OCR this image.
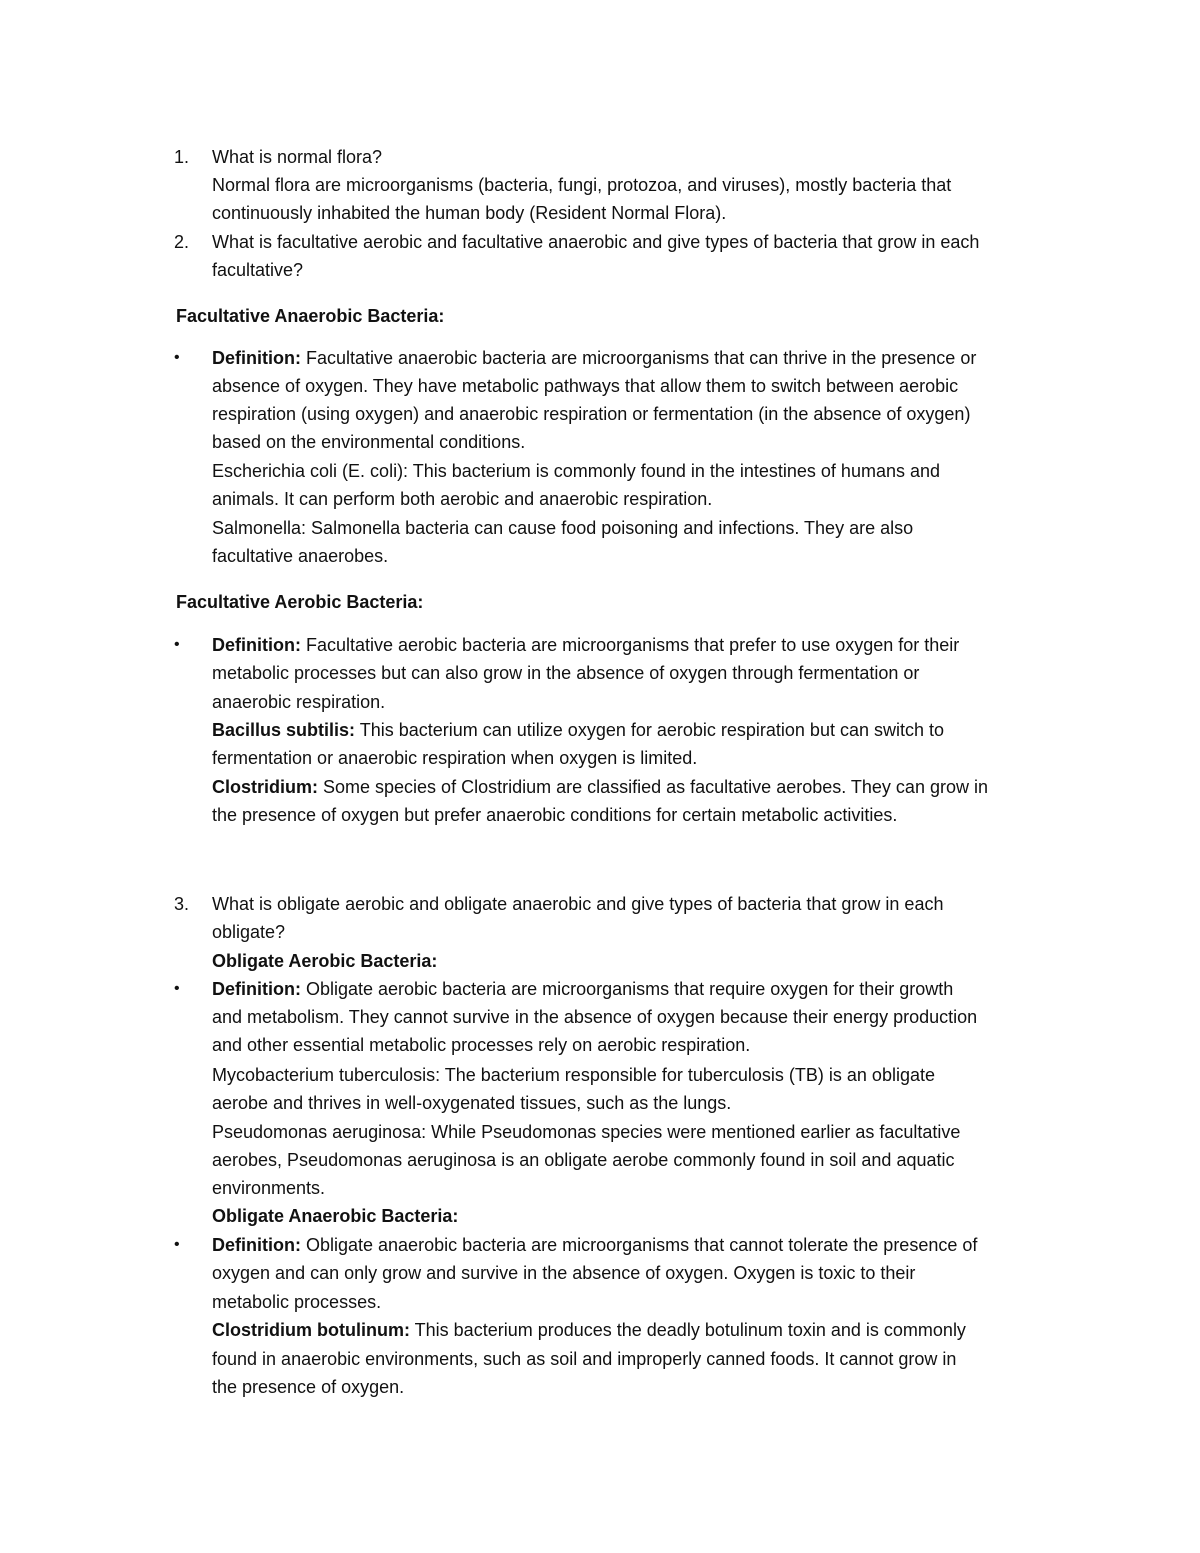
1. What is normal flora?
Normal flora are microorganisms (bacteria, fungi, protozoa, and viruses), mostly bacteria that
continuously inhabited the human body (Resident Normal Flora).
2. What is facultative aerobic and facultative anaerobic and give types of bacteria that grow in each
facultative?
Facultative Anaerobic Bacteria:
• Definition: Facultative anaerobic bacteria are microorganisms that can thrive in the presence or
absence of oxygen. They have metabolic pathways that allow them to switch between aerobic
respiration (using oxygen) and anaerobic respiration or fermentation (in the absence of oxygen)
based on the environmental conditions.
Escherichia coli (E. coli): This bacterium is commonly found in the intestines of humans and
animals. It can perform both aerobic and anaerobic respiration.
Salmonella: Salmonella bacteria can cause food poisoning and infections. They are also
facultative anaerobes.
Facultative Aerobic Bacteria:
• Definition: Facultative aerobic bacteria are microorganisms that prefer to use oxygen for their
metabolic processes but can also grow in the absence of oxygen through fermentation or
anaerobic respiration.
Bacillus subtilis: This bacterium can utilize oxygen for aerobic respiration but can switch to
fermentation or anaerobic respiration when oxygen is limited.
Clostridium: Some species of Clostridium are classified as facultative aerobes. They can grow in
the presence of oxygen but prefer anaerobic conditions for certain metabolic activities.
3. What is obligate aerobic and obligate anaerobic and give types of bacteria that grow in each
obligate?
Obligate Aerobic Bacteria:
• Definition: Obligate aerobic bacteria are microorganisms that require oxygen for their growth
and metabolism. They cannot survive in the absence of oxygen because their energy production
and other essential metabolic processes rely on aerobic respiration.
Mycobacterium tuberculosis: The bacterium responsible for tuberculosis (TB) is an obligate
aerobe and thrives in well-oxygenated tissues, such as the lungs.
Pseudomonas aeruginosa: While Pseudomonas species were mentioned earlier as facultative
aerobes, Pseudomonas aeruginosa is an obligate aerobe commonly found in soil and aquatic
environments.
Obligate Anaerobic Bacteria:
• Definition: Obligate anaerobic bacteria are microorganisms that cannot tolerate the presence of
oxygen and can only grow and survive in the absence of oxygen. Oxygen is toxic to their
metabolic processes.
Clostridium botulinum: This bacterium produces the deadly botulinum toxin and is commonly
found in anaerobic environments, such as soil and improperly canned foods. It cannot grow in
the presence of oxygen.
